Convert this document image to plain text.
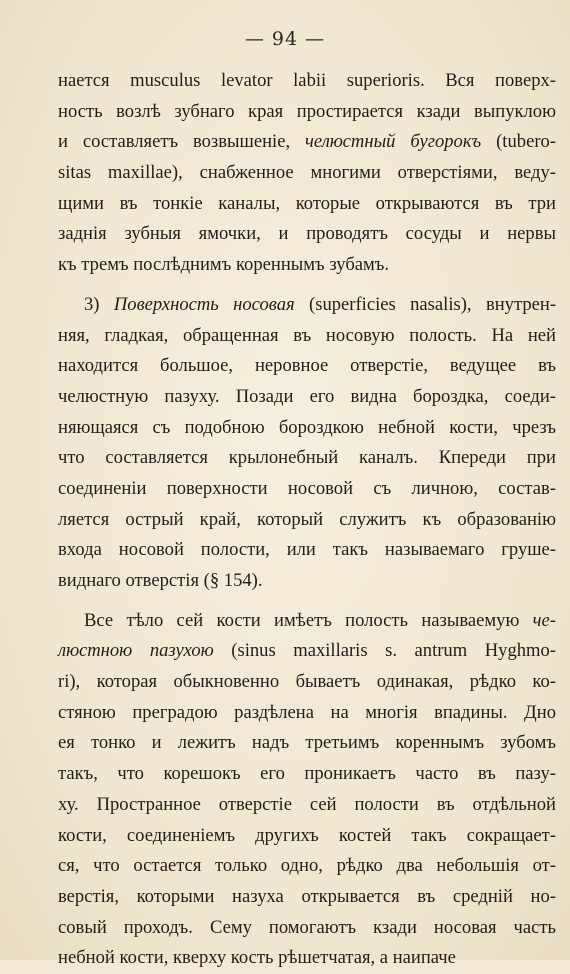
— 94 —
нается musculus levator labii superioris. Вся поверх-
ность возлѣ зубнаго края простирается кзади выпуклою
и составляетъ возвышеніе, челюстный бугорокъ (tubero-
sitas maxillae), снабженное многими отверстіями, веду-
щими въ тонкіе каналы, которые открываются въ три
заднія зубныя ямочки, и проводятъ сосуды и нервы
къ тремъ послѣднимъ кореннымъ зубамъ.
3) Поверхность носовая (superficies nasalis), внутрен-
няя, гладкая, обращенная въ носовую полость. На ней
находится большое, неровное отверстіе, ведущее въ
челюстную пазуху. Позади его видна бороздка, соеди-
няющаяся съ подобною бороздкою небной кости, чрезъ
что составляется крылонебный каналъ. Кпереди при
соединеніи поверхности носовой съ личною, состав-
ляется острый край, который служитъ къ образованію
входа носовой полости, или такъ называемаго груше-
виднаго отверстія (§ 154).
Все тѣло сей кости имѣетъ полость называемую че-
люстною пазухою (sinus maxillaris s. antrum Hyghmo-
ri), которая обыкновенно бываетъ одинакая, рѣдко ко-
стяною преградою раздѣлена на многія впадины. Дно
ея тонко и лежитъ надъ третьимъ кореннымъ зубомъ
такъ, что корешокъ его проникаетъ часто въ пазу-
ху. Пространное отверстіе сей полости въ отдѣльной
кости, соединеніемъ другихъ костей такъ сокращает-
ся, что остается только одно, рѣдко два небольшія от-
верстія, которыми назуха открывается въ средній но-
совый проходъ. Сему помогаютъ кзади носовая часть
небной кости, кверху кость рѣшетчатая, а наипаче
